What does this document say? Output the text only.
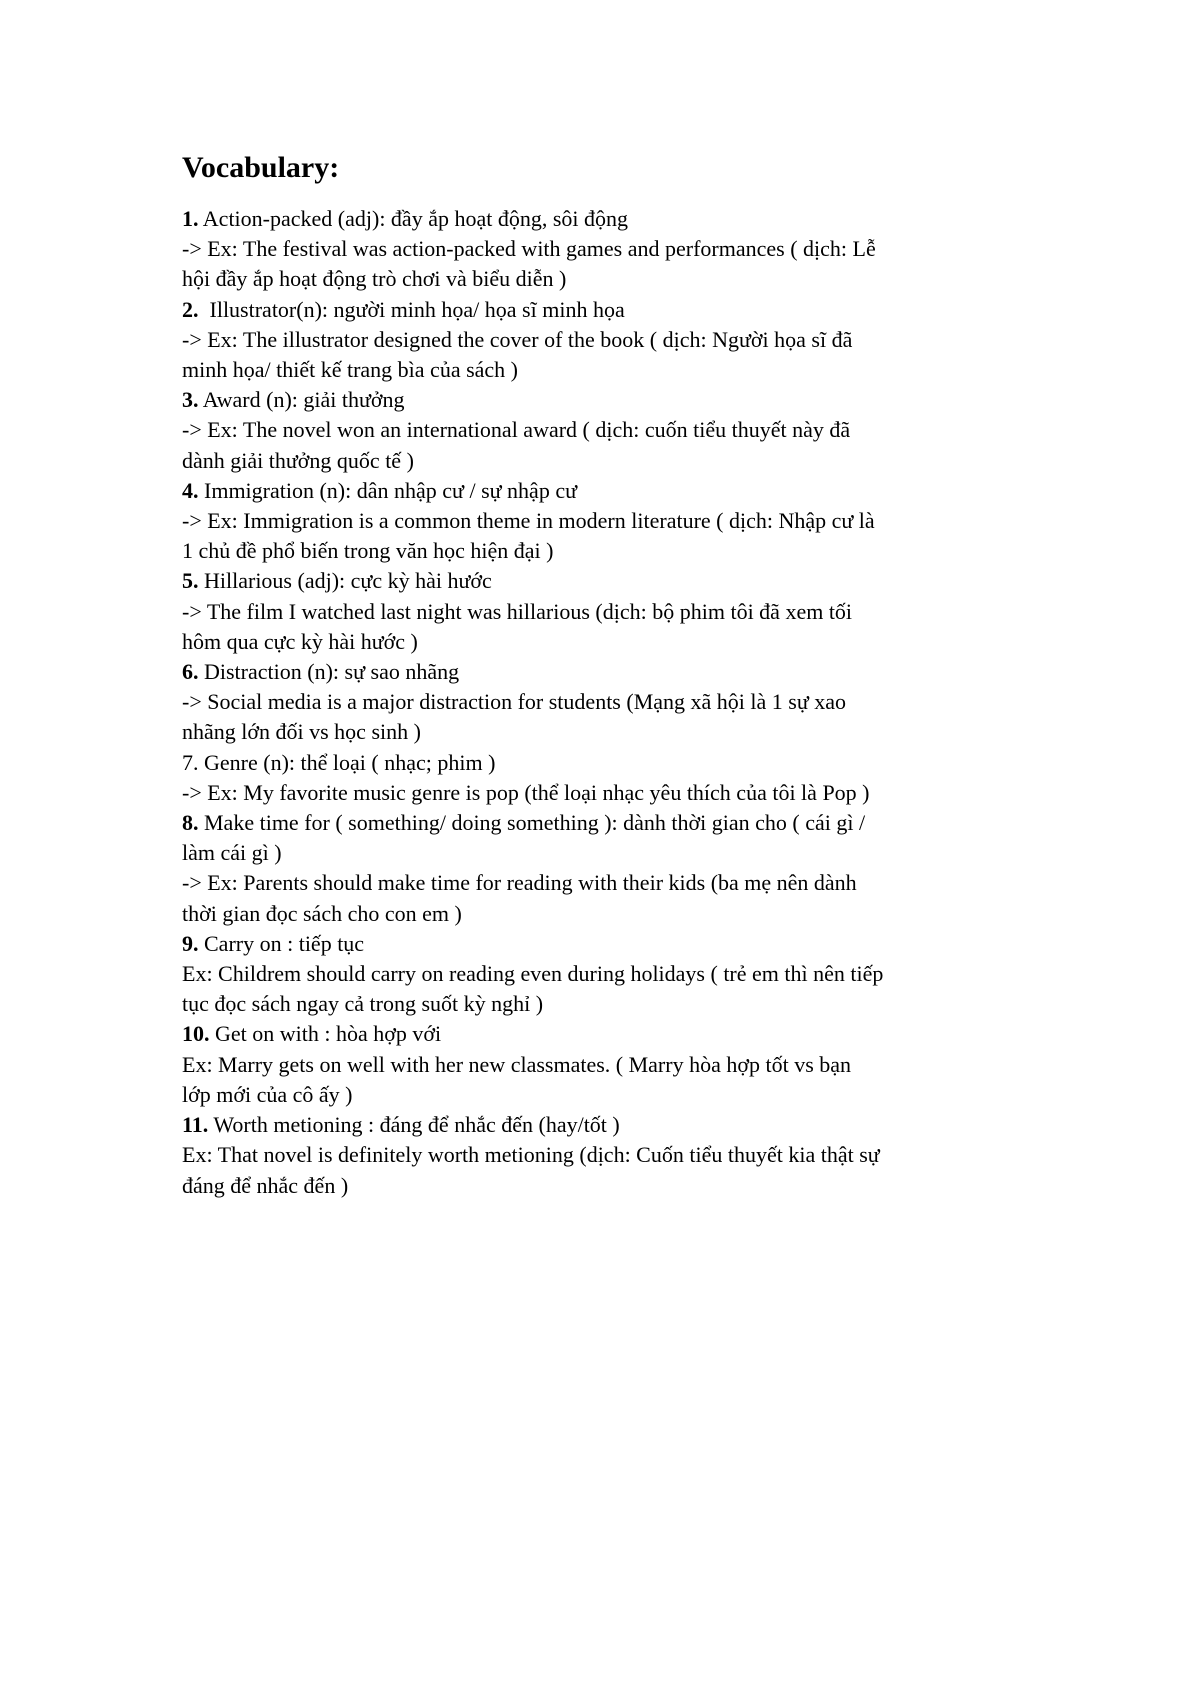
Vocabulary:
1. Action-packed (adj): đầy ắp hoạt động, sôi động
-> Ex: The festival was action-packed with games and performances ( dịch: Lễ
hội đầy ắp hoạt động trò chơi và biểu diễn )
2.  Illustrator(n): người minh họa/ họa sĩ minh họa
-> Ex: The illustrator designed the cover of the book ( dịch: Người họa sĩ đã
minh họa/ thiết kế trang bìa của sách )
3. Award (n): giải thưởng
-> Ex: The novel won an international award ( dịch: cuốn tiểu thuyết này đã
dành giải thưởng quốc tế )
4. Immigration (n): dân nhập cư / sự nhập cư
-> Ex: Immigration is a common theme in modern literature ( dịch: Nhập cư là
1 chủ đề phổ biến trong văn học hiện đại )
5. Hillarious (adj): cực kỳ hài hước
-> The film I watched last night was hillarious (dịch: bộ phim tôi đã xem tối
hôm qua cực kỳ hài hước )
6. Distraction (n): sự sao nhãng
-> Social media is a major distraction for students (Mạng xã hội là 1 sự xao
nhãng lớn đối vs học sinh )
7. Genre (n): thể loại ( nhạc; phim )
-> Ex: My favorite music genre is pop (thể loại nhạc yêu thích của tôi là Pop )
8. Make time for ( something/ doing something ): dành thời gian cho ( cái gì /
làm cái gì )
-> Ex: Parents should make time for reading with their kids (ba mẹ nên dành
thời gian đọc sách cho con em )
9. Carry on : tiếp tục
Ex: Childrem should carry on reading even during holidays ( trẻ em thì nên tiếp
tục đọc sách ngay cả trong suốt kỳ nghỉ )
10. Get on with : hòa hợp với
Ex: Marry gets on well with her new classmates. ( Marry hòa hợp tốt vs bạn
lớp mới của cô ấy )
11. Worth metioning : đáng để nhắc đến (hay/tốt )
Ex: That novel is definitely worth metioning (dịch: Cuốn tiểu thuyết kia thật sự
đáng để nhắc đến )
